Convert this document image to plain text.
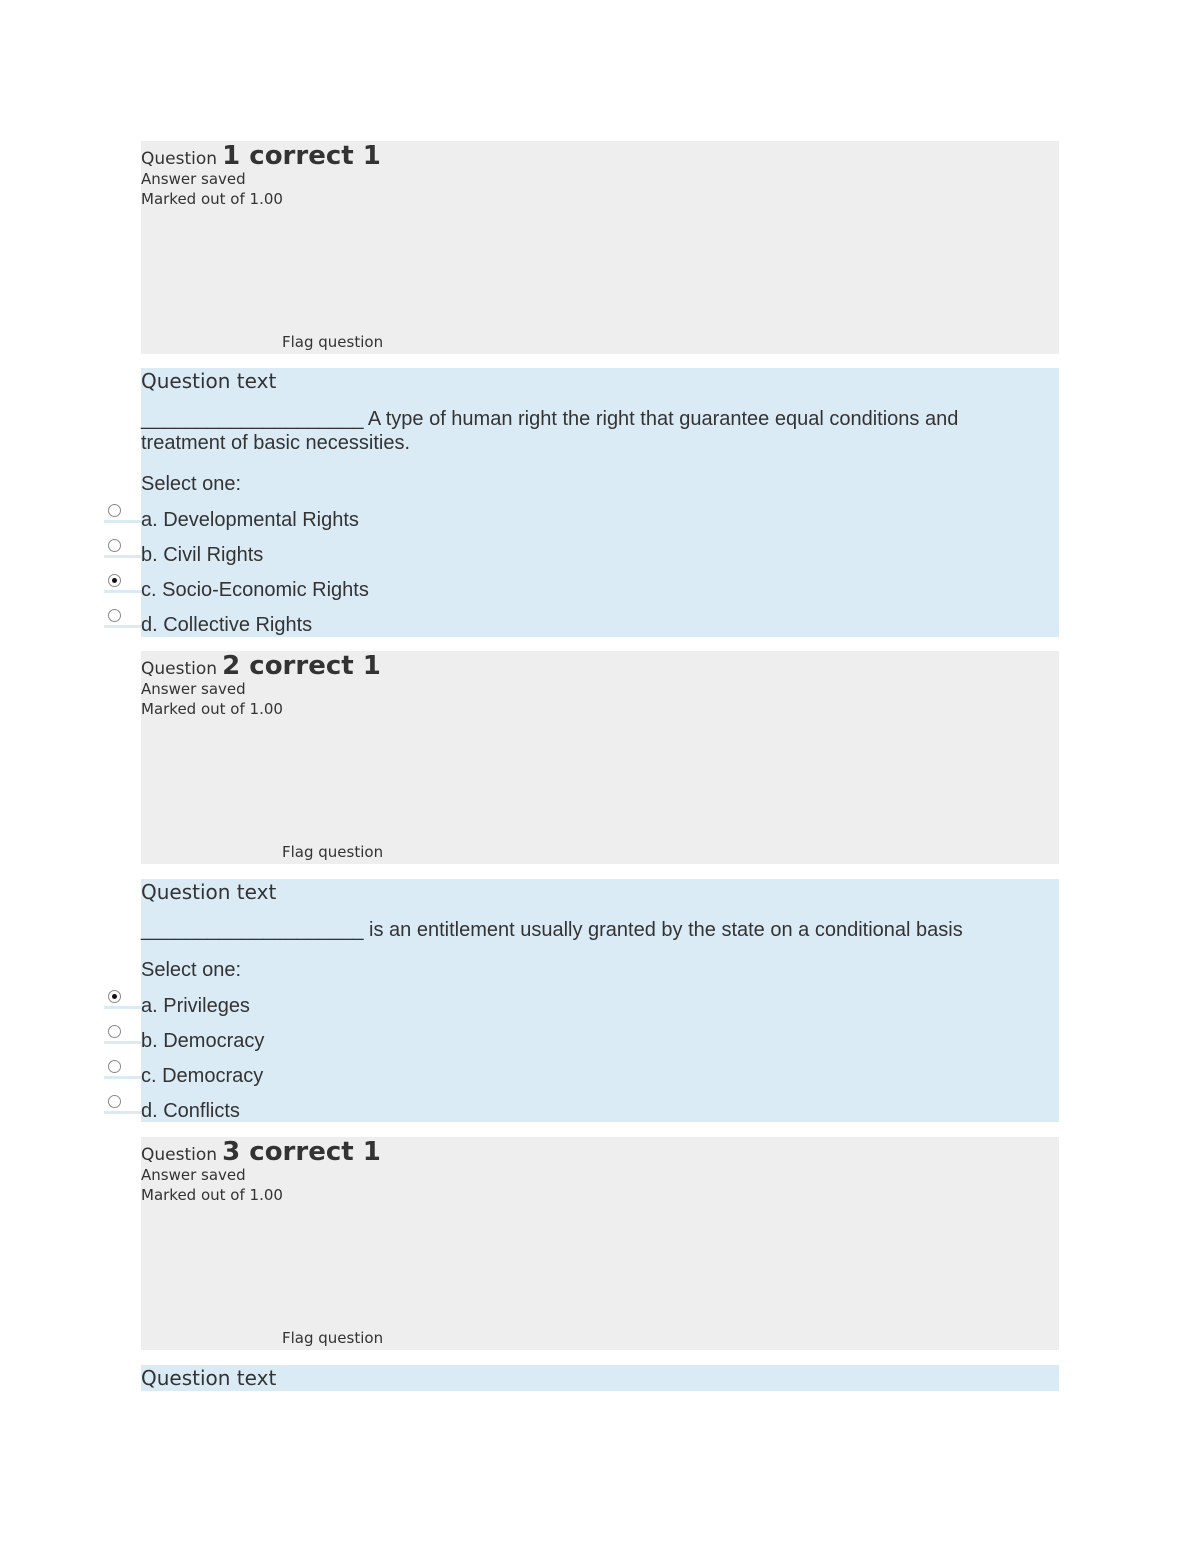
Question 1 correct 1
Answer saved
Marked out of 1.00
Flag question
Question text
____________________ A type of human right the right that guarantee equal conditions and treatment of basic necessities.
Select one:
a. Developmental Rights
b. Civil Rights
c. Socio-Economic Rights
d. Collective Rights
Question 2 correct 1
Answer saved
Marked out of 1.00
Flag question
Question text
____________________ is an entitlement usually granted by the state on a conditional basis
Select one:
a. Privileges
b. Democracy
c. Democracy
d. Conflicts
Question 3 correct 1
Answer saved
Marked out of 1.00
Flag question
Question text
